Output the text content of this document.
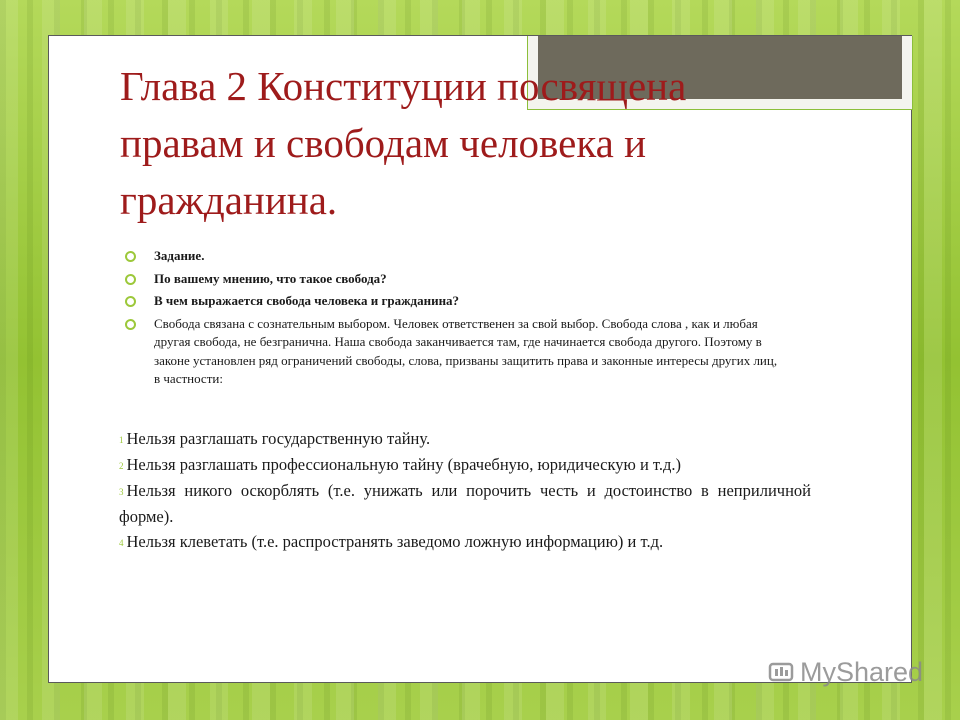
Глава 2 Конституции посвящена правам и свободам человека и гражданина.
Задание.
По вашему мнению, что такое свобода?
В чем выражается свобода человека и гражданина?
Свобода связана с сознательным выбором. Человек ответственен за свой выбор. Свобода слова , как и любая другая свобода, не безгранична. Наша свобода заканчивается там, где начинается свобода другого. Поэтому в законе установлен ряд ограничений свободы, слова, призваны защитить права и законные интересы других лиц, в частности:
1 Нельзя разглашать государственную тайну.
2 Нельзя разглашать профессиональную тайну (врачебную, юридическую и т.д.)
3 Нельзя никого оскорблять (т.е. унижать или порочить честь и достоинство в неприличной форме).
4 Нельзя клеветать (т.е. распространять заведомо ложную информацию) и т.д.
MyShared
